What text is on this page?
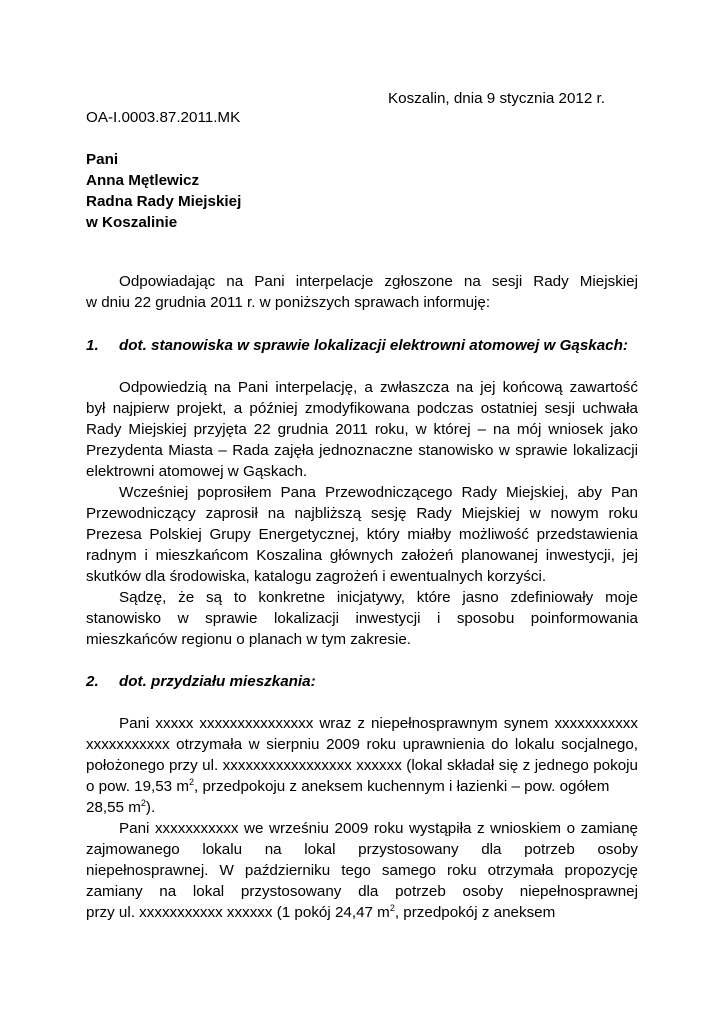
Koszalin, dnia 9 stycznia 2012 r.
OA-I.0003.87.2011.MK
Pani
Anna Mętlewicz
Radna Rady Miejskiej
w Koszalinie
Odpowiadając na Pani interpelacje zgłoszone na sesji Rady Miejskiej
w dniu 22 grudnia 2011 r. w poniższych sprawach informuję:
1. dot. stanowiska w sprawie lokalizacji elektrowni atomowej w Gąskach:
Odpowiedzią na Pani interpelację, a zwłaszcza na jej końcową zawartość
był najpierw projekt, a później zmodyfikowana podczas ostatniej sesji uchwała
Rady Miejskiej przyjęta 22 grudnia 2011 roku, w której – na mój wniosek jako
Prezydenta Miasta – Rada zajęła jednoznaczne stanowisko w sprawie lokalizacji
elektrowni atomowej w Gąskach.
Wcześniej poprosiłem Pana Przewodniczącego Rady Miejskiej, aby Pan
Przewodniczący zaprosił na najbliższą sesję Rady Miejskiej w nowym roku
Prezesa Polskiej Grupy Energetycznej, który miałby możliwość przedstawienia
radnym i mieszkańcom Koszalina głównych założeń planowanej inwestycji, jej
skutków dla środowiska, katalogu zagrożeń i ewentualnych korzyści.
Sądzę, że są to konkretne inicjatywy, które jasno zdefiniowały moje
stanowisko w sprawie lokalizacji inwestycji i sposobu poinformowania
mieszkańców regionu o planach w tym zakresie.
2. dot. przydziału mieszkania:
Pani xxxxx xxxxxxxxxxxxxxx wraz z niepełnosprawnym synem xxxxxxxxxxx
xxxxxxxxxxx otrzymała w sierpniu 2009 roku uprawnienia do lokalu socjalnego,
położonego przy ul. xxxxxxxxxxxxxxxxx xxxxxx (lokal składał się z jednego pokoju
o pow. 19,53 $m^2$, przedpokoju z aneksem kuchennym i łazienki – pow. ogółem
28,55 $m^2$).
Pani xxxxxxxxxxx we wrześniu 2009 roku wystąpiła z wnioskiem o zamianę
zajmowanego lokalu na lokal przystosowany dla potrzeb osoby
niepełnosprawnej. W październiku tego samego roku otrzymała propozycję
zamiany na lokal przystosowany dla potrzeb osoby niepełnosprawnej
przy ul. xxxxxxxxxxx xxxxxx (1 pokój 24,47 $m^2$, przedpokój z aneksem
